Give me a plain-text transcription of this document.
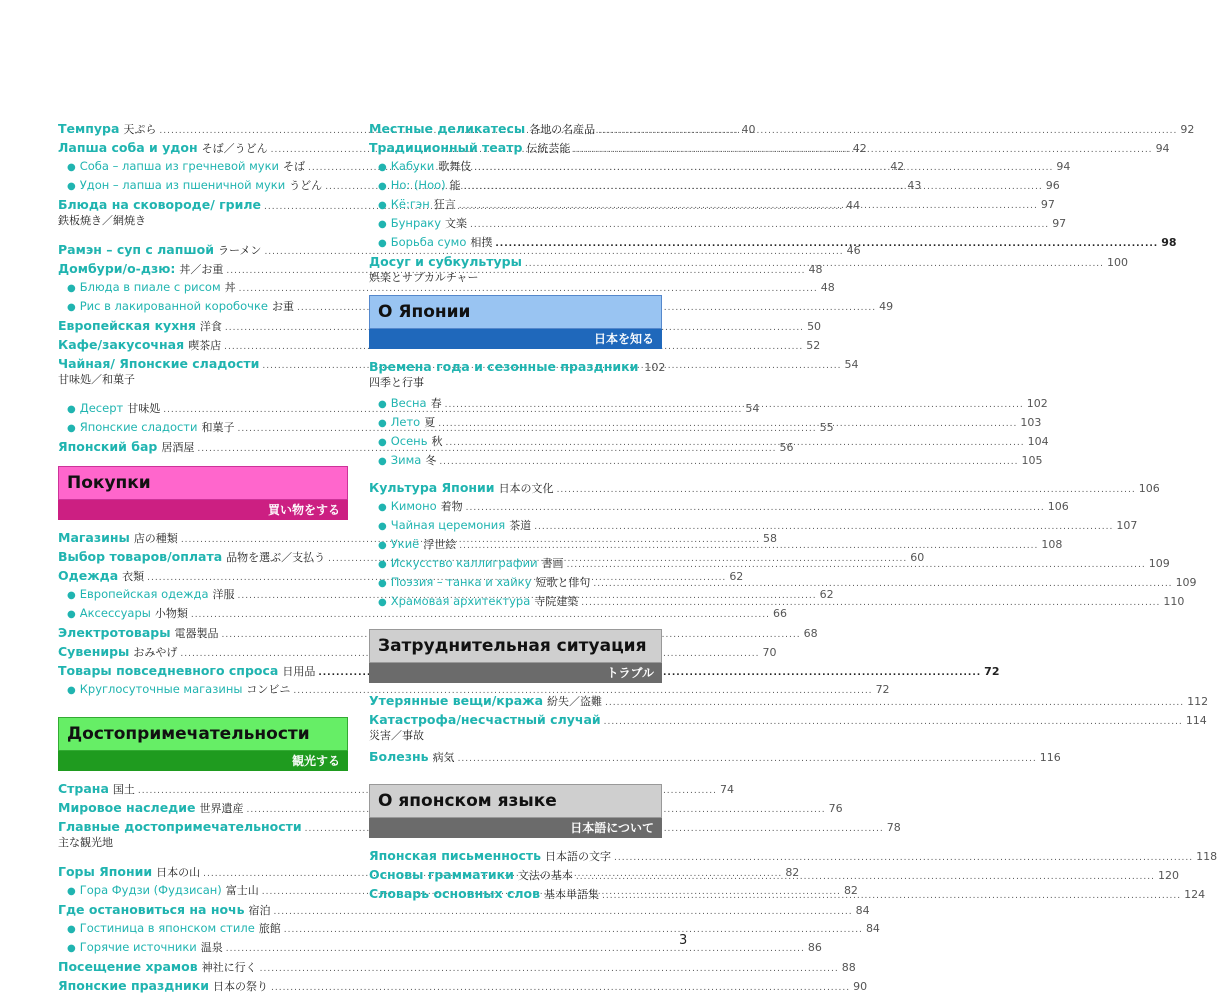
Темпура 天ぷら .....	40
Лапша соба и удон そば／うどん .....	42
● Соба – лапша из гречневой муки そば .....	42
● Удон – лапша из пшеничной муки うどん .....	43
Блюда на сковороде/ гриле .....	44
鉄板焼き／網焼き
Рамэн – суп с лапшой ラーメン .....	46
Домбури/о-дзю: 丼／お重 .....	48
● Блюда в пиале с рисом 丼 .....	48
● Рис в лакированной коробочке お重 .....	49
Европейская кухня 洋食 .....	50
Кафе/закусочная 喫茶店 .....	52
Чайная/ Японские сладости .....	54
甘味処／和菓子
● Десерт 甘味処 .....	54
● Японские сладости 和菓子 .....	55
Японский бар 居酒屋 .....	56
Покупки
買い物をする
Магазины 店の種類 .....	58
Выбор товаров/оплата 品物を選ぶ／支払う .....	60
Одежда 衣類 .....	62
● Европейская одежда 洋服 .....	62
● Аксессуары 小物類 .....	66
Электротовары 電器製品 .....	68
Сувениры おみやげ .....	70
Товары повседневного спроса 日用品 .....	72
● Круглосуточные магазины コンビニ .....	72
Достопримечательности
観光する
Страна 国土 .....	74
Мировое наследие 世界遺産 .....	76
Главные достопримечательности .....	78
主な観光地
Горы Японии 日本の山 .....	82
● Гора Фудзи (Фудзисан) 富士山 .....	82
Где остановиться на ночь 宿泊 .....	84
● Гостиница в японском стиле 旅館 .....	84
● Горячие источники 温泉 .....	86
Посещение храмов 神社に行く .....	88
Японские праздники 日本の祭り .....	90
Местные деликатесы 各地の名産品 .....	92
Традиционный театр 伝統芸能 .....	94
● Кабуки 歌舞伎 .....	94
● Но: (Ноо) 能 .....	96
● Кё:гэн 狂言 .....	97
● Бунраку 文楽 .....	97
● Борьба сумо 相撲 .....	98
Досуг и субкультуры .....	100
娯楽とサブカルチャー
О Японии
日本を知る
Времена года и сезонные праздники 102
四季と行事
● Весна 春 .....	102
● Лето 夏 .....	103
● Осень 秋 .....	104
● Зима 冬 .....	105
Культура Японии 日本の文化 .....	106
● Кимоно 着物 .....	106
● Чайная церемония 茶道 .....	107
● Укиё 浮世絵 .....	108
● Искусство каллиграфии 書画 .....	109
● Поэзия – танка и хайку 短歌と俳句 .....	109
● Храмовая архитектура 寺院建築 .....	110
Затруднительная ситуация
トラブル
Утерянные вещи/кража 紛失／盗難 .....	112
Катастрофа/несчастный случай .....	114
災害／事故
Болезнь 病気 .....	116
О японском языке
日本語について
Японская письменность 日本語の文字 .....	118
Основы грамматики 文法の基本 .....	120
Словарь основных слов 基本単語集 .....	124
3
